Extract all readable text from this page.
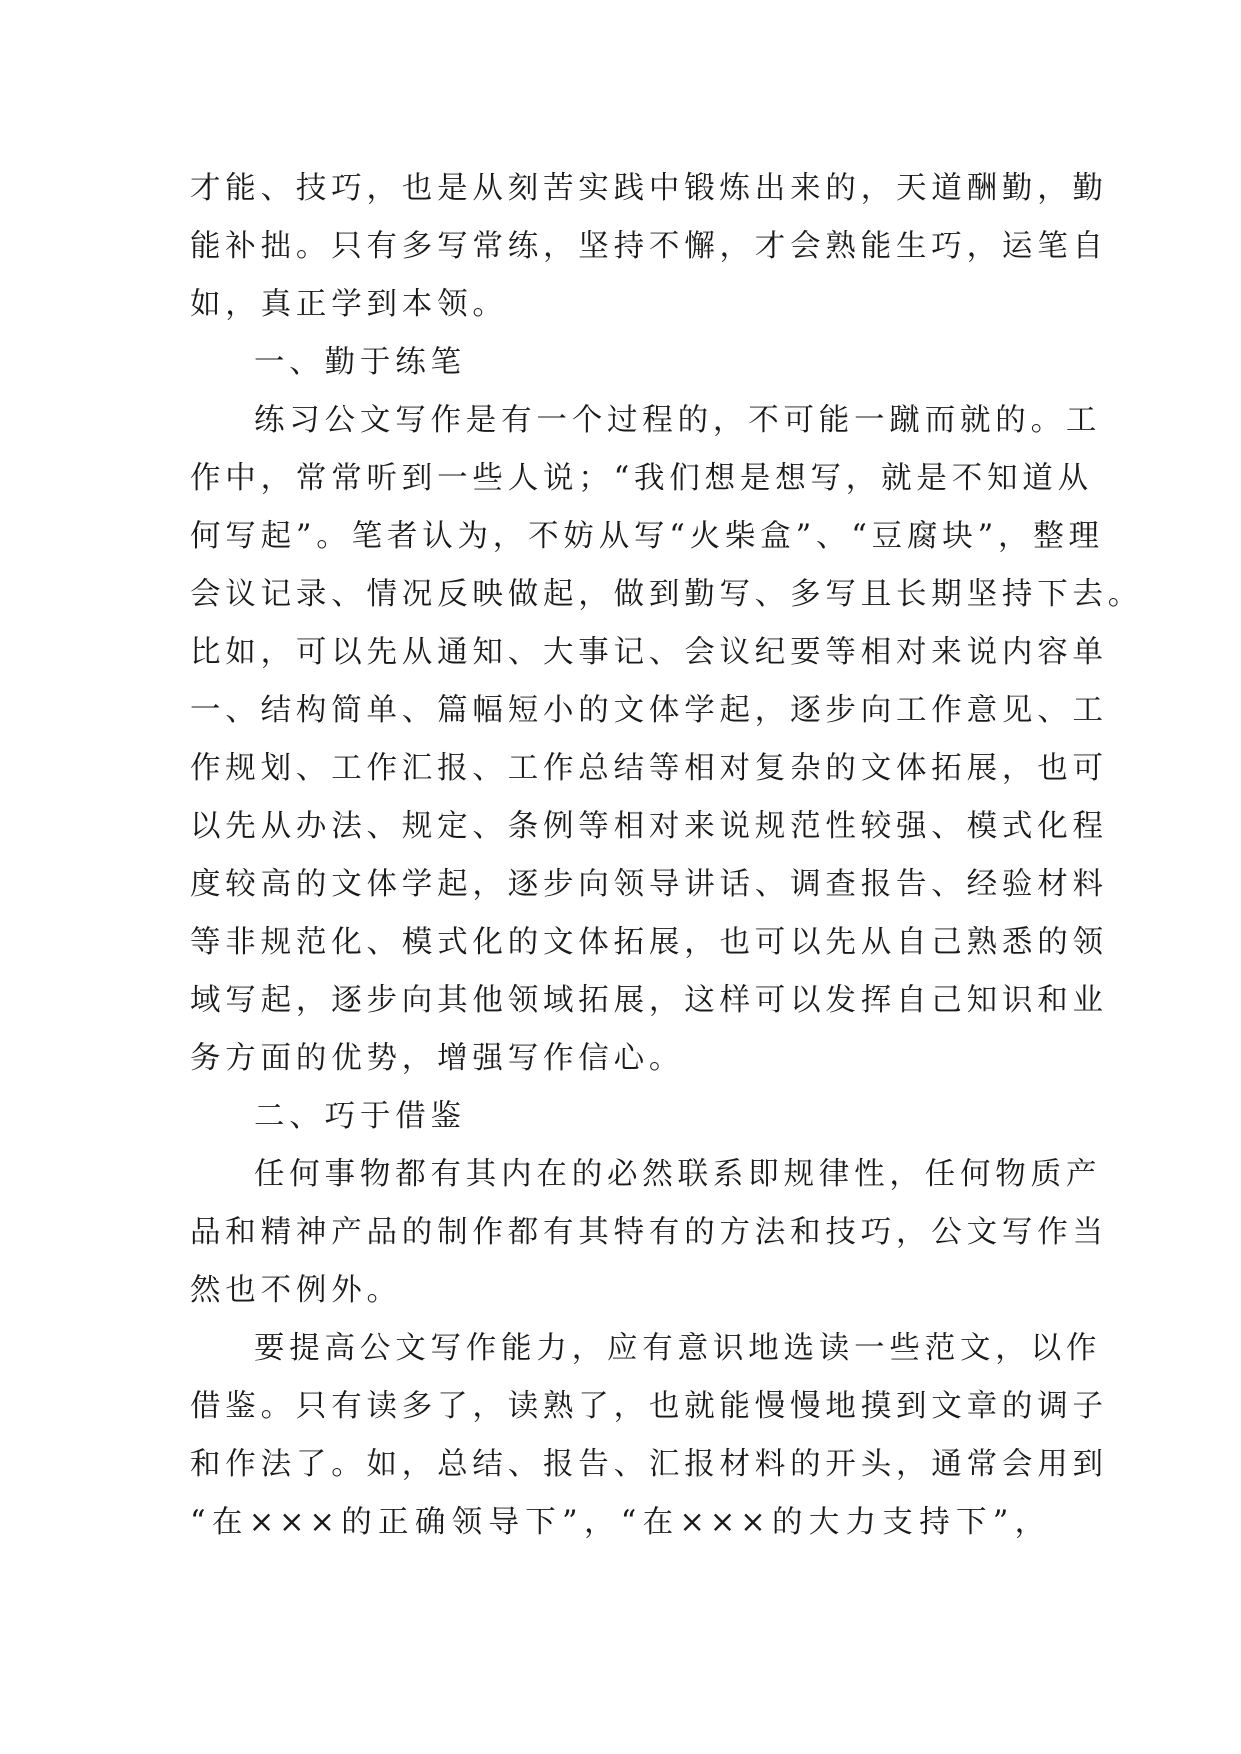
才能、技巧，也是从刻苦实践中锻炼出来的，天道酬勤，勤
能补拙。只有多写常练，坚持不懈，才会熟能生巧，运笔自
如，真正学到本领。
一、勤于练笔
练习公文写作是有一个过程的，不可能一蹴而就的。工
作中，常常听到一些人说；“我们想是想写，就是不知道从
何写起”。笔者认为，不妨从写“火柴盒”、“豆腐块”，整理
会议记录、情况反映做起，做到勤写、多写且长期坚持下去。
比如，可以先从通知、大事记、会议纪要等相对来说内容单
一、结构简单、篇幅短小的文体学起，逐步向工作意见、工
作规划、工作汇报、工作总结等相对复杂的文体拓展，也可
以先从办法、规定、条例等相对来说规范性较强、模式化程
度较高的文体学起，逐步向领导讲话、调查报告、经验材料
等非规范化、模式化的文体拓展，也可以先从自己熟悉的领
域写起，逐步向其他领域拓展，这样可以发挥自己知识和业
务方面的优势，增强写作信心。
二、巧于借鉴
任何事物都有其内在的必然联系即规律性，任何物质产
品和精神产品的制作都有其特有的方法和技巧，公文写作当
然也不例外。
要提高公文写作能力，应有意识地选读一些范文，以作
借鉴。只有读多了，读熟了，也就能慢慢地摸到文章的调子
和作法了。如，总结、报告、汇报材料的开头，通常会用到
“在×××的正确领导下”，“在×××的大力支持下”，
